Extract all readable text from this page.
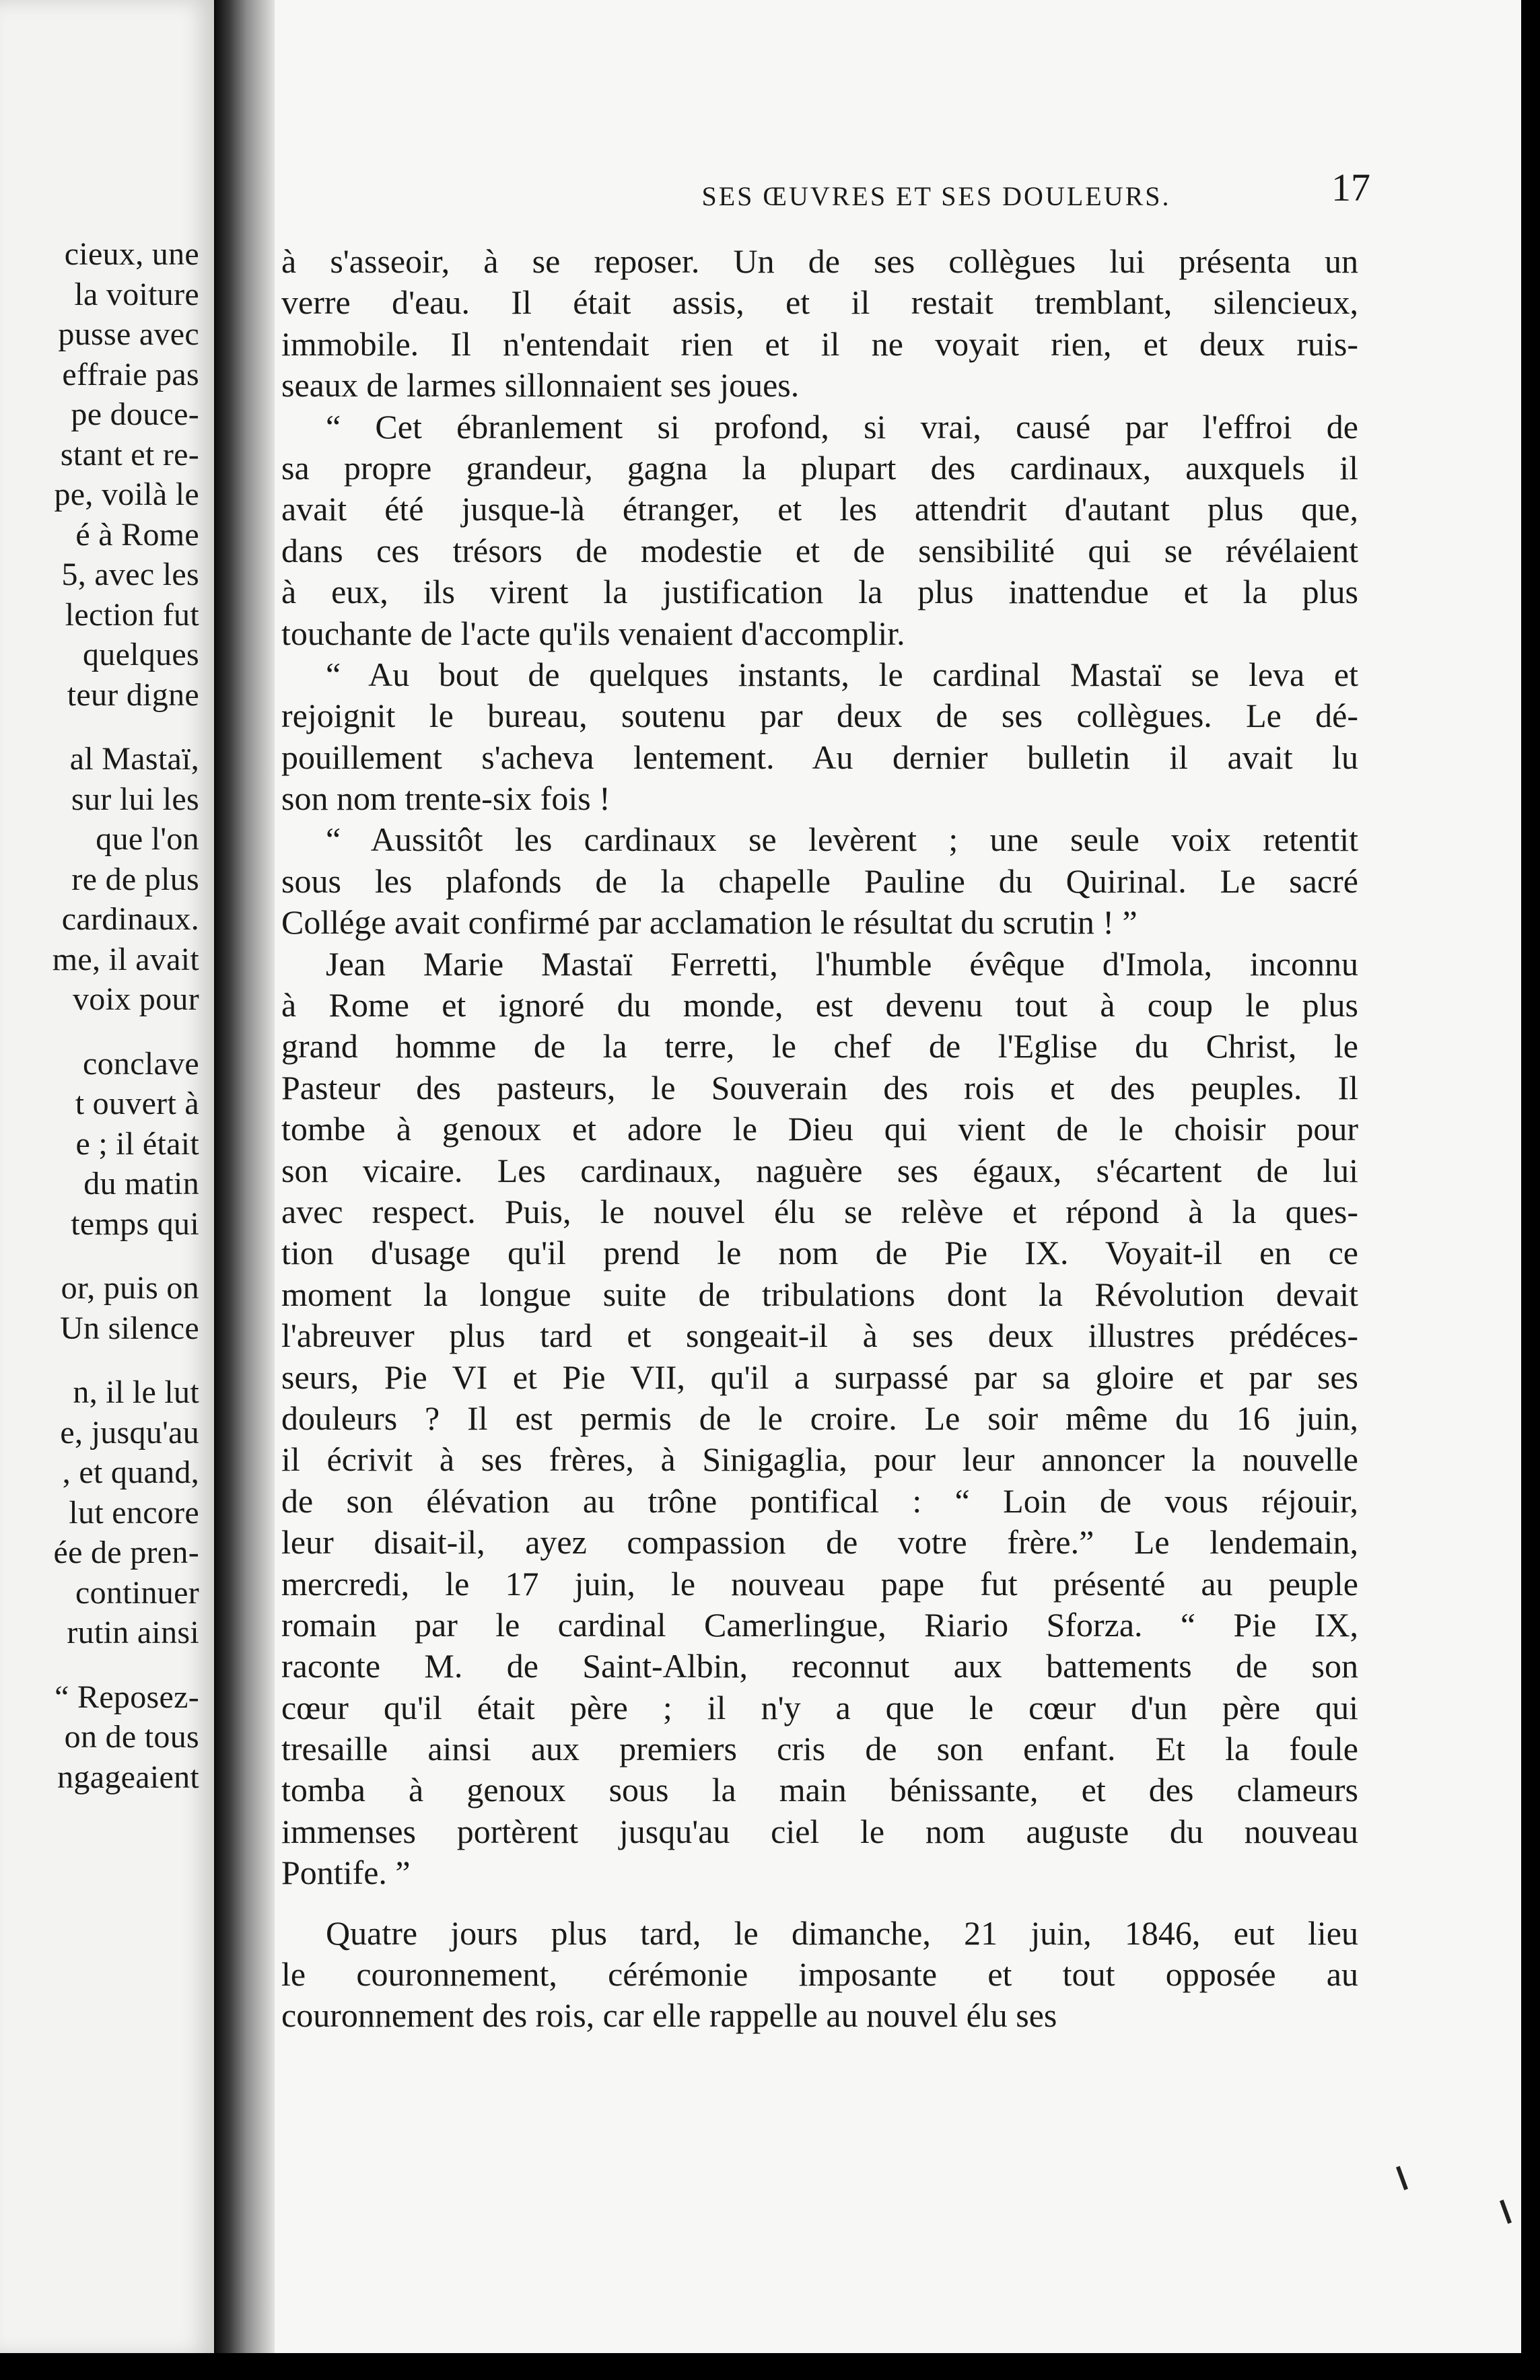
cieux, une
la voiture
pusse avec
effraie pas
pe douce-
stant et re-
pe, voilà le
é à Rome
5, avec les
lection fut
quelques
teur digne
al Mastaï,
sur lui les
que l'on
re de plus
cardinaux.
me, il avait
voix pour
conclave
t ouvert à
e ; il était
du matin
temps qui
or, puis on
Un silence
n, il le lut
e, jusqu'au
, et quand,
lut encore
ée de pren-
continuer
rutin ainsi
“ Reposez-
on de tous
ngageaient
SES ŒUVRES ET SES DOULEURS.	17
à s'asseoir, à se reposer. Un de ses collègues lui présenta un
verre d'eau. Il était assis, et il restait tremblant, silencieux,
immobile. Il n'entendait rien et il ne voyait rien, et deux ruis-
seaux de larmes sillonnaient ses joues.
“ Cet ébranlement si profond, si vrai, causé par l'effroi de
sa propre grandeur, gagna la plupart des cardinaux, auxquels il
avait été jusque-là étranger, et les attendrit d'autant plus que,
dans ces trésors de modestie et de sensibilité qui se révélaient
à eux, ils virent la justification la plus inattendue et la plus
touchante de l'acte qu'ils venaient d'accomplir.
“ Au bout de quelques instants, le cardinal Mastaï se leva et
rejoignit le bureau, soutenu par deux de ses collègues. Le dé-
pouillement s'acheva lentement. Au dernier bulletin il avait lu
son nom trente-six fois !
“ Aussitôt les cardinaux se levèrent ; une seule voix retentit
sous les plafonds de la chapelle Pauline du Quirinal. Le sacré
Collége avait confirmé par acclamation le résultat du scrutin ! ”
Jean Marie Mastaï Ferretti, l'humble évêque d'Imola, inconnu
à Rome et ignoré du monde, est devenu tout à coup le plus
grand homme de la terre, le chef de l'Eglise du Christ, le
Pasteur des pasteurs, le Souverain des rois et des peuples. Il
tombe à genoux et adore le Dieu qui vient de le choisir pour
son vicaire. Les cardinaux, naguère ses égaux, s'écartent de lui
avec respect. Puis, le nouvel élu se relève et répond à la ques-
tion d'usage qu'il prend le nom de Pie IX. Voyait-il en ce
moment la longue suite de tribulations dont la Révolution devait
l'abreuver plus tard et songeait-il à ses deux illustres prédéces-
seurs, Pie VI et Pie VII, qu'il a surpassé par sa gloire et par ses
douleurs ? Il est permis de le croire. Le soir même du 16 juin,
il écrivit à ses frères, à Sinigaglia, pour leur annoncer la nouvelle
de son élévation au trône pontifical : “ Loin de vous réjouir,
leur disait-il, ayez compassion de votre frère.” Le lendemain,
mercredi, le 17 juin, le nouveau pape fut présenté au peuple
romain par le cardinal Camerlingue, Riario Sforza. “ Pie IX,
raconte M. de Saint-Albin, reconnut aux battements de son
cœur qu'il était père ; il n'y a que le cœur d'un père qui
tresaille ainsi aux premiers cris de son enfant. Et la foule
tomba à genoux sous la main bénissante, et des clameurs
immenses portèrent jusqu'au ciel le nom auguste du nouveau
Pontife. ”
Quatre jours plus tard, le dimanche, 21 juin, 1846, eut lieu
le couronnement, cérémonie imposante et tout opposée au
couronnement des rois, car elle rappelle au nouvel élu ses
